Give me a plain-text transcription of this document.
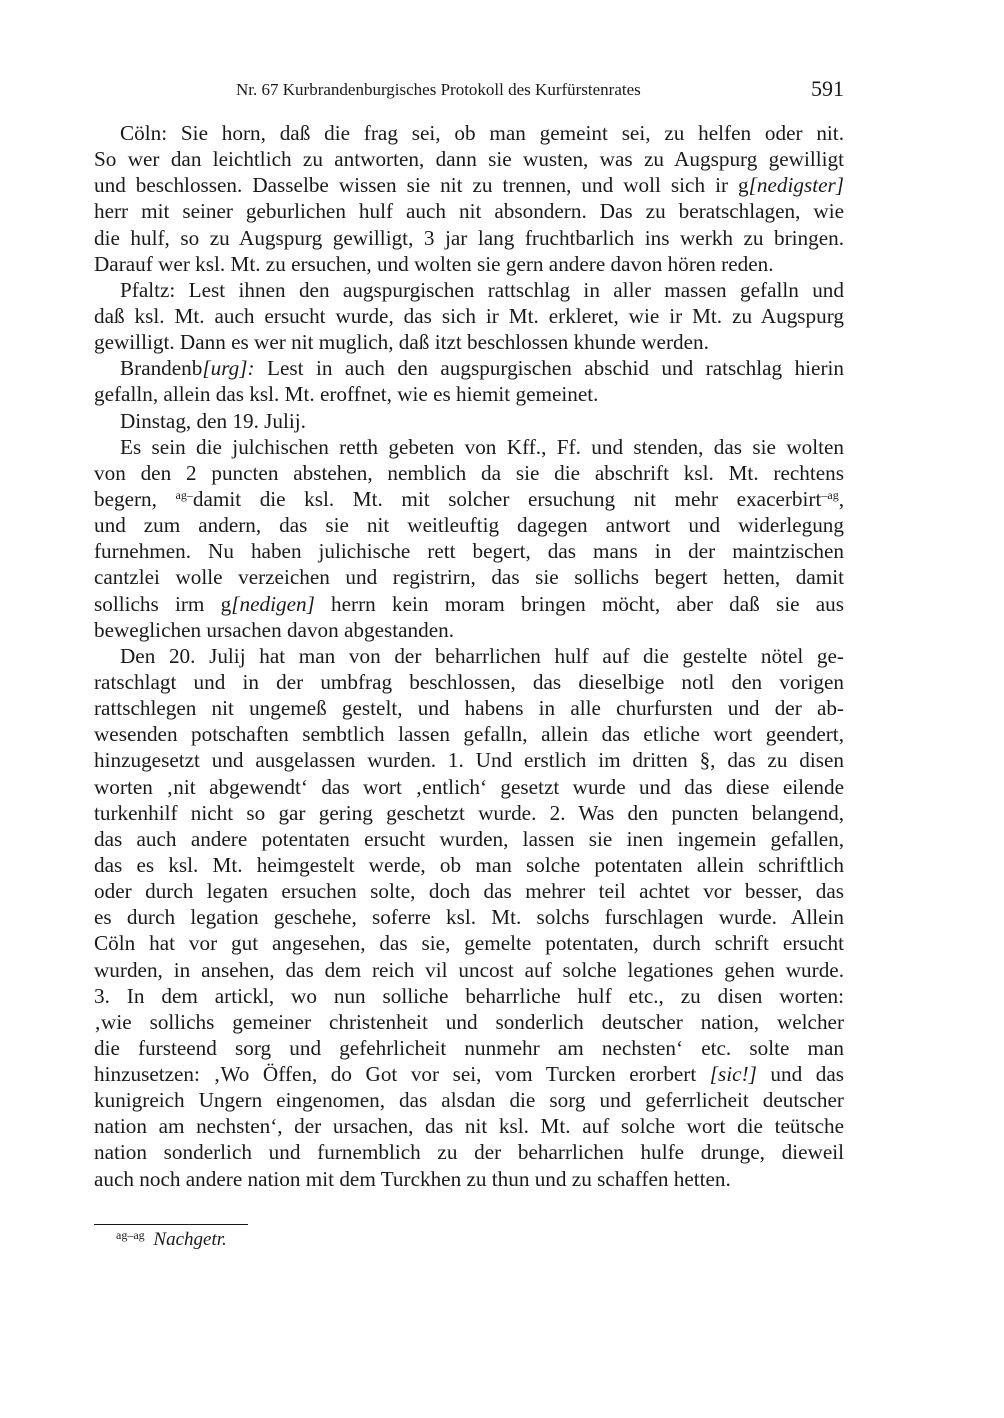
Nr. 67 Kurbrandenburgisches Protokoll des Kurfürstenrates	591
Cöln: Sie horn, daß die frag sei, ob man gemeint sei, zu helfen oder nit.
So wer dan leichtlich zu antworten, dann sie wusten, was zu Augspurg gewilligt
und beschlossen. Dasselbe wissen sie nit zu trennen, und woll sich ir g[nedigster]
herr mit seiner geburlichen hulf auch nit absondern. Das zu beratschlagen, wie
die hulf, so zu Augspurg gewilligt, 3 jar lang fruchtbarlich ins werkh zu bringen.
Darauf wer ksl. Mt. zu ersuchen, und wolten sie gern andere davon hören reden.
Pfaltz: Lest ihnen den augspurgischen rattschlag in aller massen gefalln und
daß ksl. Mt. auch ersucht wurde, das sich ir Mt. erkleret, wie ir Mt. zu Augspurg
gewilligt. Dann es wer nit muglich, daß itzt beschlossen khunde werden.
Brandenb[urg]: Lest in auch den augspurgischen abschid und ratschlag hierin
gefalln, allein das ksl. Mt. eroffnet, wie es hiemit gemeinet.
Dinstag, den 19. Julij.
Es sein die julchischen retth gebeten von Kff., Ff. und stenden, das sie wolten
von den 2 puncten abstehen, nemblich da sie die abschrift ksl. Mt. rechtens
begern, $^{ag-}$damit die ksl. Mt. mit solcher ersuchung nit mehr exacerbirt$^{-ag}$,
und zum andern, das sie nit weitleuftig dagegen antwort und widerlegung
furnehmen. Nu haben julichische rett begert, das mans in der maintzischen
cantzlei wolle verzeichen und registrirn, das sie sollichs begert hetten, damit
sollichs irm g[nedigen] herrn kein moram bringen möcht, aber daß sie aus
beweglichen ursachen davon abgestanden.
Den 20. Julij hat man von der beharrlichen hulf auf die gestelte nötel ge-
ratschlagt und in der umbfrag beschlossen, das dieselbige notl den vorigen
rattschlegen nit ungemeß gestelt, und habens in alle churfursten und der ab-
wesenden potschaften sembtlich lassen gefalln, allein das etliche wort geendert,
hinzugesetzt und ausgelassen wurden. 1. Und erstlich im dritten §, das zu disen
worten ‚nit abgewendt‘ das wort ‚entlich‘ gesetzt wurde und das diese eilende
turkenhilf nicht so gar gering geschetzt wurde. 2. Was den puncten belangend,
das auch andere potentaten ersucht wurden, lassen sie inen ingemein gefallen,
das es ksl. Mt. heimgestelt werde, ob man solche potentaten allein schriftlich
oder durch legaten ersuchen solte, doch das mehrer teil achtet vor besser, das
es durch legation geschehe, soferre ksl. Mt. solchs furschlagen wurde. Allein
Cöln hat vor gut angesehen, das sie, gemelte potentaten, durch schrift ersucht
wurden, in ansehen, das dem reich vil uncost auf solche legationes gehen wurde.
3. In dem artickl, wo nun solliche beharrliche hulf etc., zu disen worten:
‚wie sollichs gemeiner christenheit und sonderlich deutscher nation, welcher
die fursteend sorg und gefehrlicheit nunmehr am nechsten‘ etc. solte man
hinzusetzen: ‚Wo Öffen, do Got vor sei, vom Turcken erorbert [sic!] und das
kunigreich Ungern eingenomen, das alsdan die sorg und geferrlicheit deutscher
nation am nechsten‘, der ursachen, das nit ksl. Mt. auf solche wort die teütsche
nation sonderlich und furnemblich zu der beharrlichen hulfe drunge, dieweil
auch noch andere nation mit dem Turckhen zu thun und zu schaffen hetten.
$^{ag-ag}$ Nachgetr.
